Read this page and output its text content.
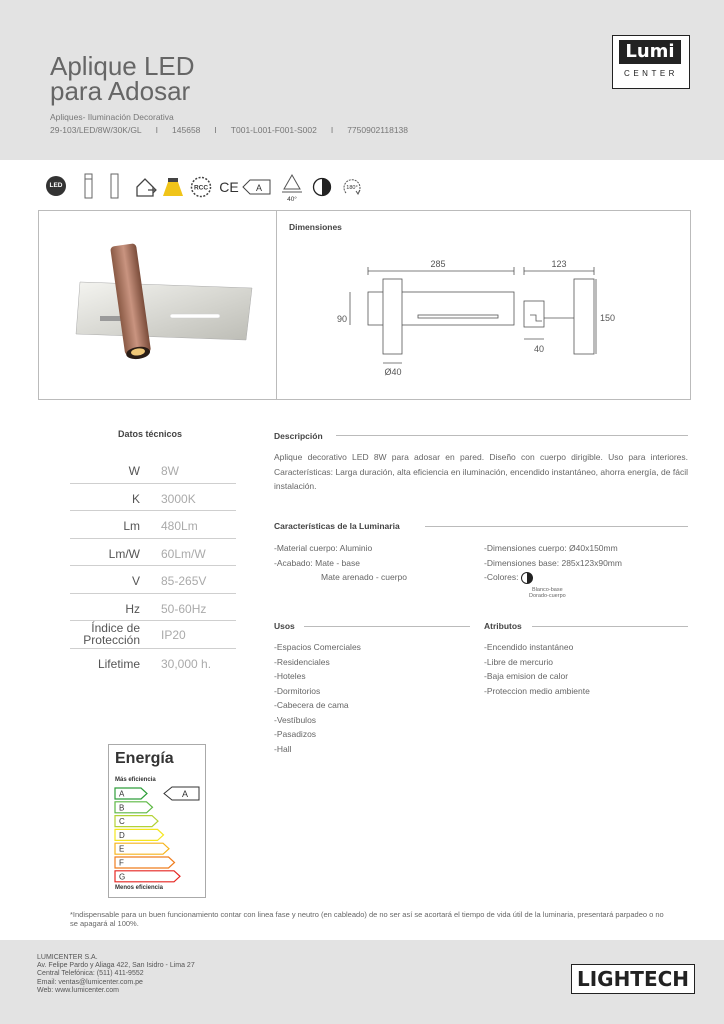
Aplique LED
para Adosar
Apliques- Iluminación Decorativa
29-103/LED/8W/30K/GL I 145658 I T001-L001-F001-S002 I 7750902118138
Lumi
CENTER
LED	RCC CE A
40°
180°
Dimensiones
285
90
Ø40
123
150
40
Datos técnicos
W 8W
K 3000K
Lm 480Lm
Lm/W 60Lm/W
V 85-265V
Hz 50-60Hz
Índice de
Protección IP20
Lifetime 30,000 h.
Descripción
Aplique decorativo LED 8W para adosar en pared. Diseño con cuerpo dirigible. Uso para interiores. Características: Larga duración, alta eficiencia en iluminación, encendido instantáneo, ahorra energía, de fácil instalación.
Características de la Luminaria
-Material cuerpo: Aluminio
-Acabado: Mate - base
Mate arenado - cuerpo
-Dimensiones cuerpo: Ø40x150mm
-Dimensiones base: 285x123x90mm
-Colores:
Blanco-base
Dorado-cuerpo
Usos
-Espacios Comerciales
-Residenciales
-Hoteles
-Dormitorios
-Cabecera de cama
-Vestíbulos
-Pasadizos
-Hall
Atributos
-Encendido instantáneo
-Libre de mercurio
-Baja emision de calor
-Proteccion medio ambiente
Energía
Más eficiencia
A
B
C
D
E
F
G
A
Menos eficiencia
*Indispensable para un buen funcionamiento contar con linea fase y neutro (en cableado) de no ser así se acortará el tiempo de vida útil de la luminaria, presentará parpadeo o no se apagará al 100%.
LUMICENTER S.A.
Av. Felipe Pardo y Aliaga 422, San Isidro - Lima 27
Central Telefónica: (511) 411-9552
Email: ventas@lumicenter.com.pe
Web: www.lumicenter.com	LIGHTECH
